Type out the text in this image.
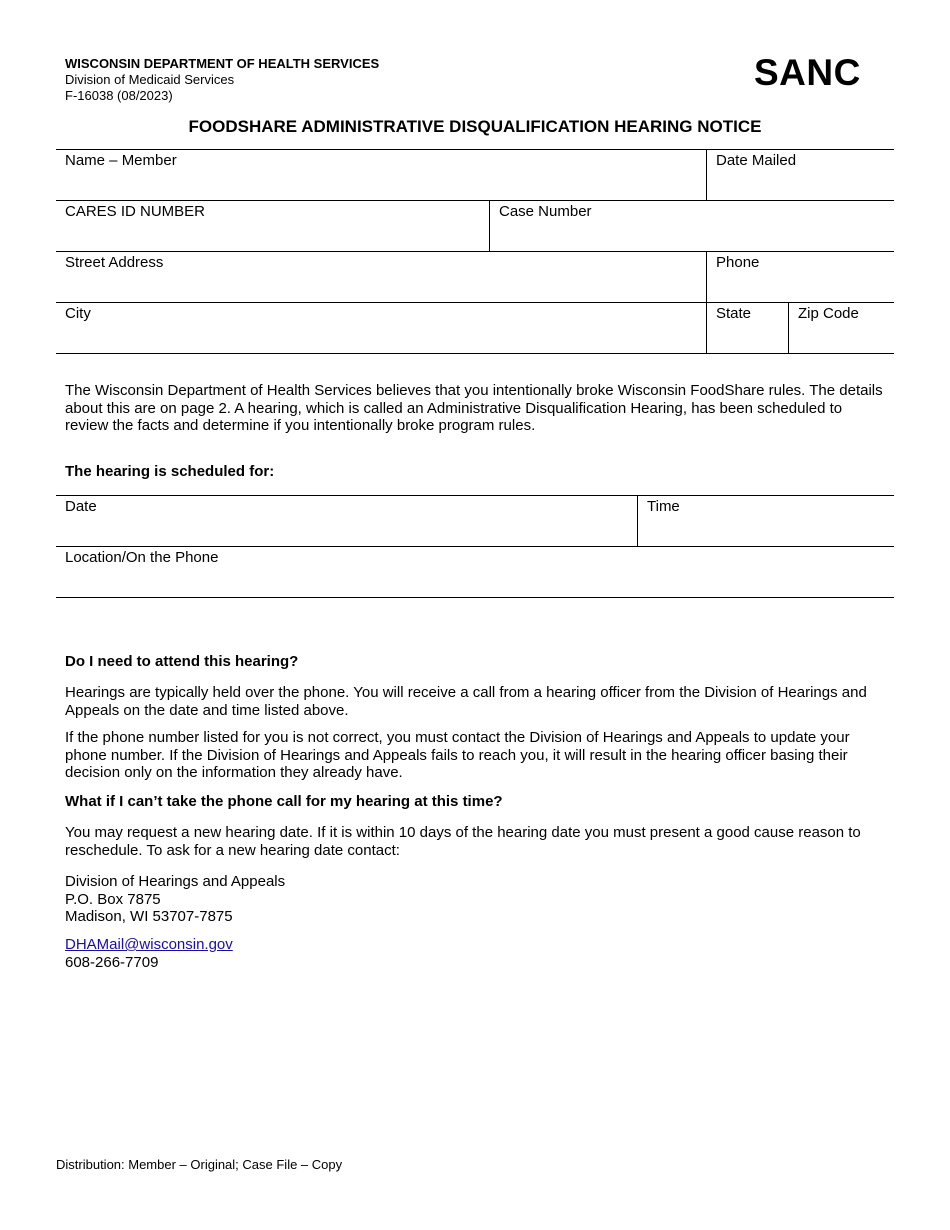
WISCONSIN DEPARTMENT OF HEALTH SERVICES
Division of Medicaid Services
F-16038 (08/2023)
SANC
FOODSHARE ADMINISTRATIVE DISQUALIFICATION HEARING NOTICE
Name – Member	Date Mailed
CARES ID NUMBER	Case Number
Street Address	Phone
City	State	Zip Code

The Wisconsin Department of Health Services believes that you intentionally broke Wisconsin FoodShare rules. The details about this are on page 2. A hearing, which is called an Administrative Disqualification Hearing, has been scheduled to review the facts and determine if you intentionally broke program rules.

The hearing is scheduled for:
Date	Time
Location/On the Phone
Do I need to attend this hearing?

Hearings are typically held over the phone. You will receive a call from a hearing officer from the Division of Hearings and Appeals on the date and time listed above.

If the phone number listed for you is not correct, you must contact the Division of Hearings and Appeals to update your phone number. If the Division of Hearings and Appeals fails to reach you, it will result in the hearing officer basing their decision only on the information they already have.

What if I can’t take the phone call for my hearing at this time?

You may request a new hearing date. If it is within 10 days of the hearing date you must present a good cause reason to reschedule. To ask for a new hearing date contact:

Division of Hearings and Appeals
P.O. Box 7875
Madison, WI 53707-7875
DHAMail@wisconsin.gov
608-266-7709
Distribution: Member – Original; Case File – Copy
